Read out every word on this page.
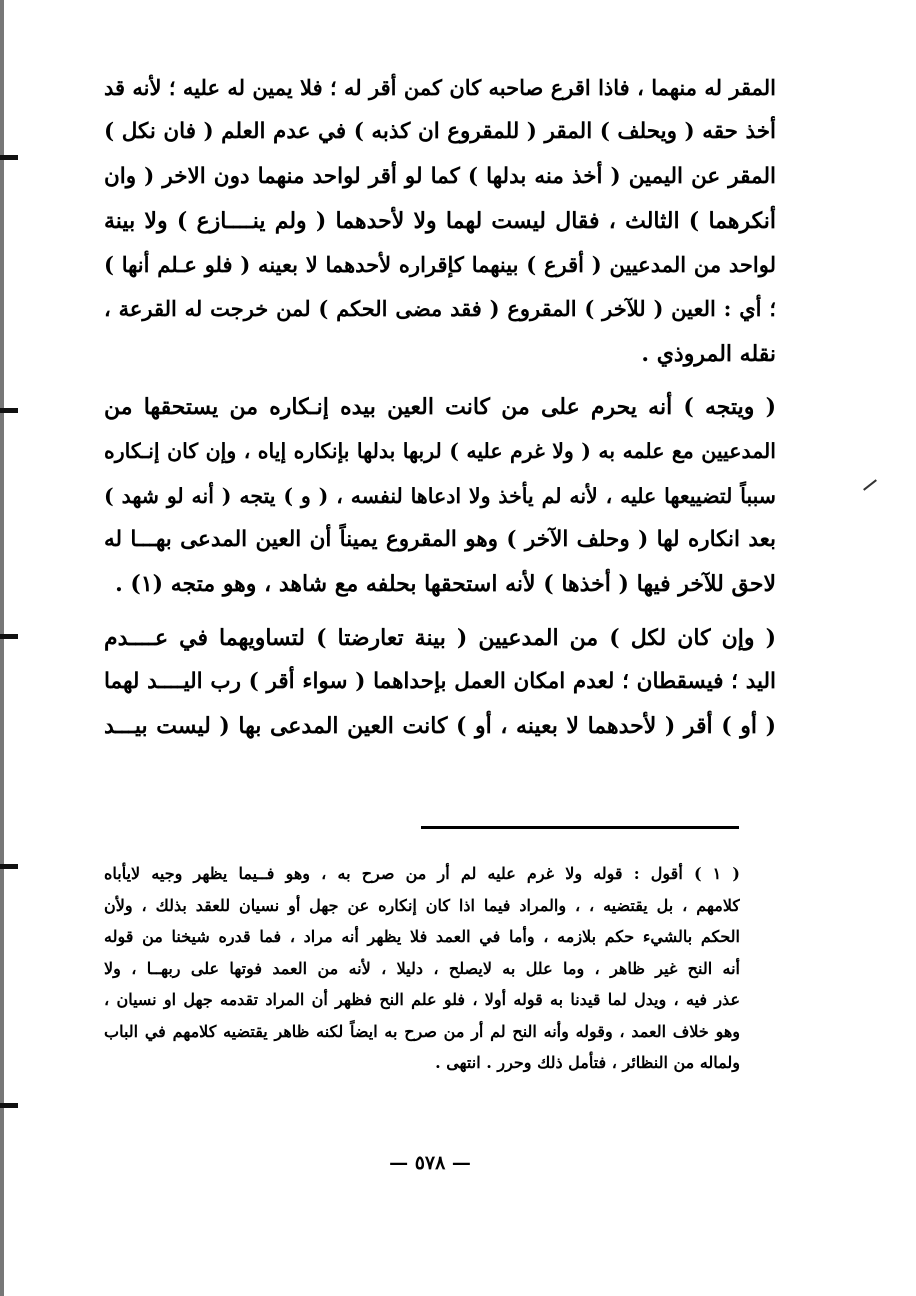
المقر له منهما ، فاذا اقرع صاحبه كان كمن أقر له ؛ فلا يمين له عليه ؛ لأنه قد
أخذ حقه ( ويحلف ) المقر ( للمقروع ان كذبه ) في عدم العلم ( فان نكل )
المقر عن اليمين ( أخذ منه بدلها ) كما لو أقر لواحد منهما دون الاخر ( وان
أنكرهما ) الثالث ، فقال ليست لهما ولا لأحدهما ( ولم ينــــازع ) ولا بينة
لواحد من المدعيين ( أقرع ) بينهما كإقراره لأحدهما لا بعينه ( فلو عـلم أنها )
؛ أي : العين ( للآخر ) المقروع ( فقد مضى الحكم ) لمن خرجت له القرعة ،
نقله المروذي .
( ويتجه ) أنه يحرم على من كانت العين بيده إنـكاره من يستحقها من
المدعيين مع علمه به ( ولا غرم عليه ) لربها بدلها بإنكاره إياه ، وإن كان إنـكاره
سبباً لتضييعها عليه ، لأنه لم يأخذ ولا ادعاها لنفسه ، ( و ) يتجه ( أنه لو شهد )
بعد انكاره لها ( وحلف الآخر ) وهو المقروع يميناً أن العين المدعى بهـــا له
لاحق للآخر فيها ( أخذها ) لأنه استحقها بحلفه مع شاهد ، وهو متجه (١) .
( وإن كان لكل ) من المدعيين ( بينة تعارضتا ) لتساويهما في عــــدم
اليد ؛ فيسقطان ؛ لعدم امكان العمل بإحداهما ( سواء أقر ) رب اليــــد لهما
( أو ) أقر ( لأحدهما لا بعينه ، أو ) كانت العين المدعى بها ( ليست بيـــد
( ١ ) أقول : قوله ولا غرم عليه لم أر من صرح به ، وهو فــيما يظهر وجيه لايأباه
كلامهم ، بل يقتضيه ، ، والمراد فيما اذا كان إنكاره عن جهل أو نسيان للعقد بذلك ، ولأن
الحكم بالشيء حكم بلازمه ، وأما في العمد فلا يظهر أنه مراد ، فما قدره شيخنا من قوله
أنه النح غير ظاهر ، وما علل به لايصلح ، دليلا ، لأنه من العمد فوتها على ربهــا ، ولا
عذر فيه ، ويدل لما قيدنا به قوله أولا ، فلو علم النح فظهر أن المراد تقدمه جهل او نسيان ،
وهو خلاف العمد ، وقوله وأنه النح لم أر من صرح به ايضاً لكنه ظاهر يقتضيه كلامهم في الباب
ولماله من النظائر ، فتأمل ذلك وحرر . انتهى .
— ٥٧٨ —
